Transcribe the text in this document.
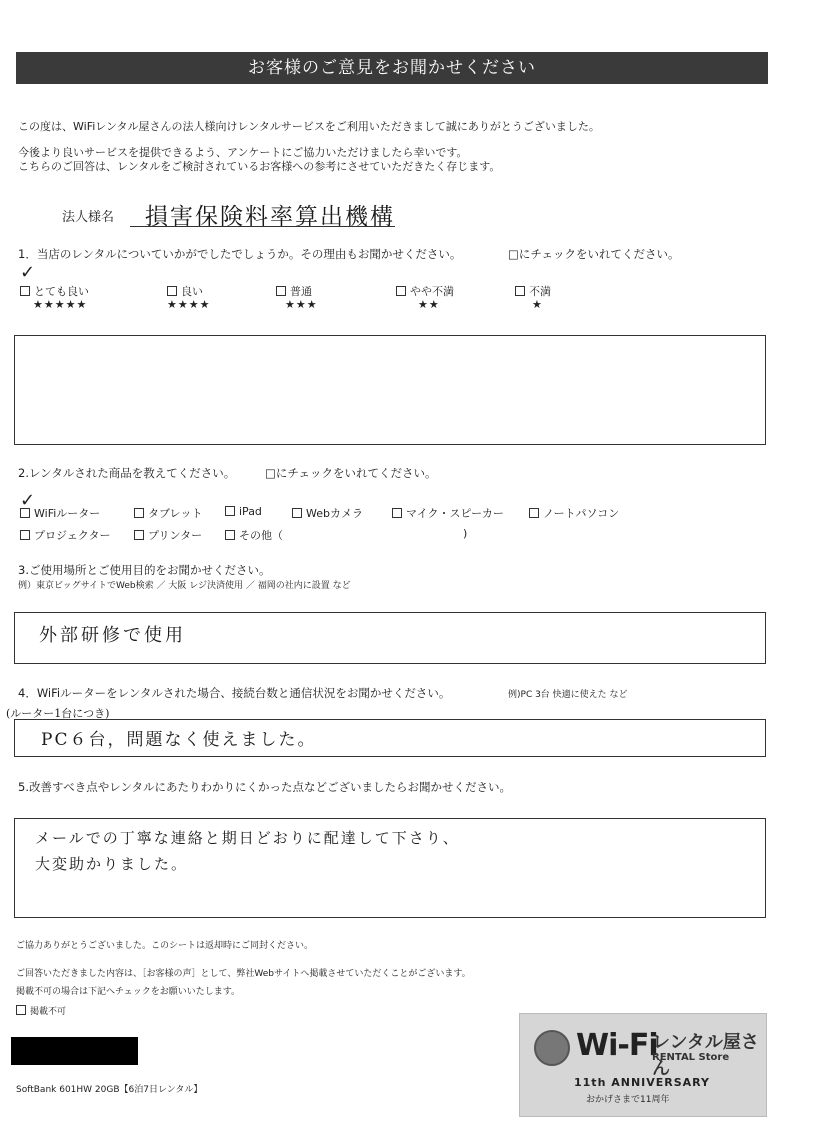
お客様のご意見をお聞かせください
この度は、WiFiレンタル屋さんの法人様向けレンタルサービスをご利用いただきまして誠にありがとうございました。
今後より良いサービスを提供できるよう、アンケートにご協力いただけましたら幸いです。
こちらのご回答は、レンタルをご検討されているお客様への参考にさせていただきたく存じます。
法人様名 損害保険料率算出機構
1．当店のレンタルについていかがでしたでしょうか。その理由もお聞かせください。	□にチェックをいれてください。
✓
とても良い
★★★★★
良い
★★★★
普通
★★★
やや不満
★★
不満
★
2.レンタルされた商品を教えてください。	□にチェックをいれてください。
✓
WiFiルーター	タブレット	iPad	Webカメラ	マイク・スピーカー	ノートパソコン
プロジェクター	プリンター	その他（	)
3.ご使用場所とご使用目的をお聞かせください。
例）東京ビッグサイトでWeb検索 ／ 大阪 レジ決済使用 ／ 福岡の社内に設置 など
外部研修で使用
4．WiFiルーターをレンタルされた場合、接続台数と通信状況をお聞かせください。	例)PC 3台 快適に使えた など
(ルーター1台につき)
PC６台，問題なく使えました。
5.改善すべき点やレンタルにあたりわかりにくかった点などございましたらお聞かせください。
メールでの丁寧な連絡と期日どおりに配達して下さり、
大変助かりました。
ご協力ありがとうございました。このシートは返却時にご同封ください。
ご回答いただきました内容は、［お客様の声］として、弊社Webサイトへ掲載させていただくことがございます。
掲載不可の場合は下記へチェックをお願いいたします。
掲載不可
SoftBank 601HW 20GB【6泊7日レンタル】
Wi-Fi
レンタル屋さん
RENTAL Store
11th ANNIVERSARY
おかげさまで11周年
